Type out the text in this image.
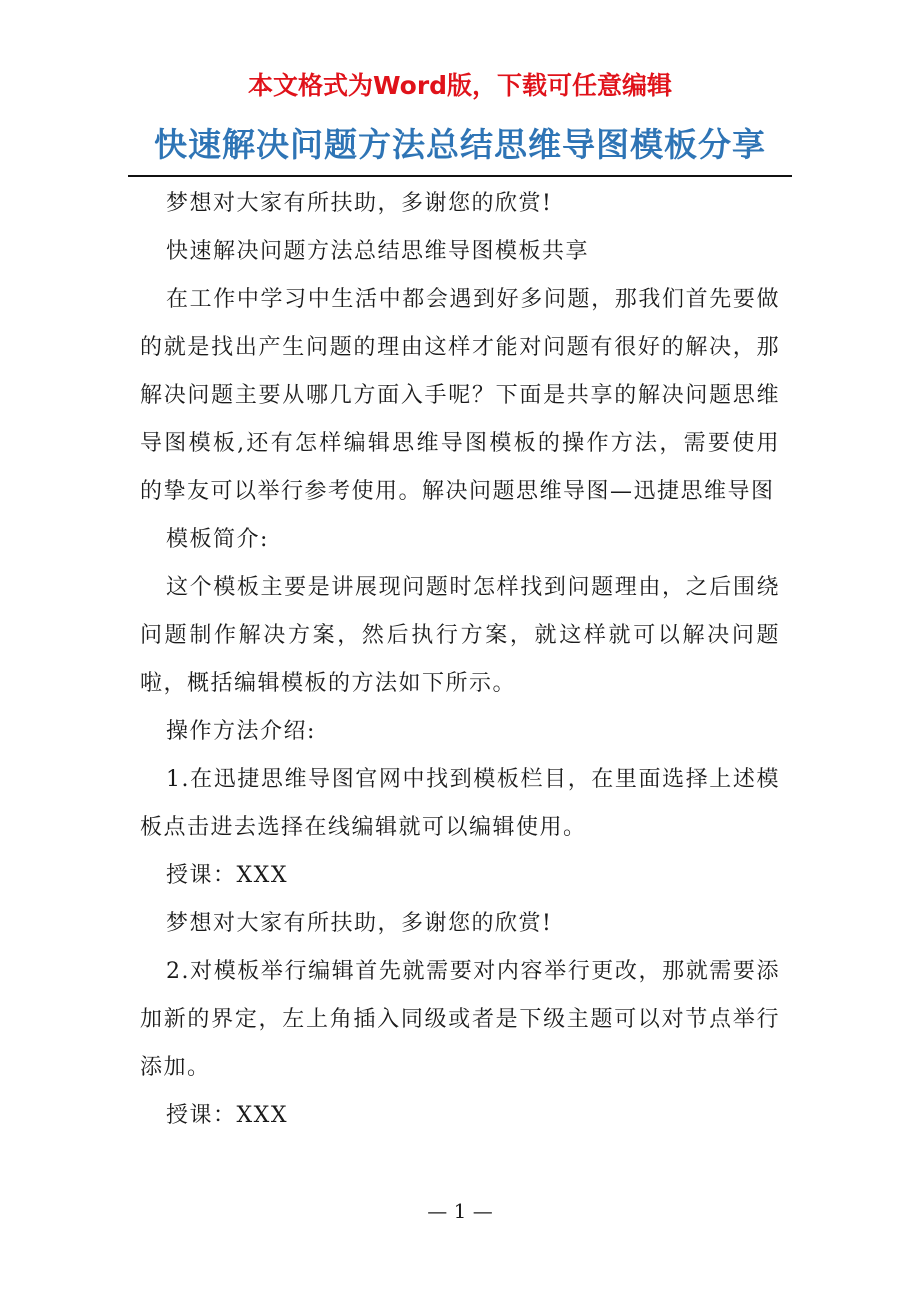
本文格式为Word版，下载可任意编辑
快速解决问题方法总结思维导图模板分享

梦想对大家有所扶助，多谢您的欣赏!

快速解决问题方法总结思维导图模板共享

在工作中学习中生活中都会遇到好多问题，那我们首先要做的就是找出产生问题的理由这样才能对问题有很好的解决，那解决问题主要从哪几方面入手呢？下面是共享的解决问题思维导图模板,还有怎样编辑思维导图模板的操作方法，需要使用的挚友可以举行参考使用。解决问题思维导图—迅捷思维导图

模板简介:

这个模板主要是讲展现问题时怎样找到问题理由，之后围绕问题制作解决方案，然后执行方案，就这样就可以解决问题啦，概括编辑模板的方法如下所示。

操作方法介绍:

1.在迅捷思维导图官网中找到模板栏目，在里面选择上述模板点击进去选择在线编辑就可以编辑使用。

授课：XXX

梦想对大家有所扶助，多谢您的欣赏!

2.对模板举行编辑首先就需要对内容举行更改，那就需要添加新的界定，左上角插入同级或者是下级主题可以对节点举行添加。

授课：XXX

— 1 —
